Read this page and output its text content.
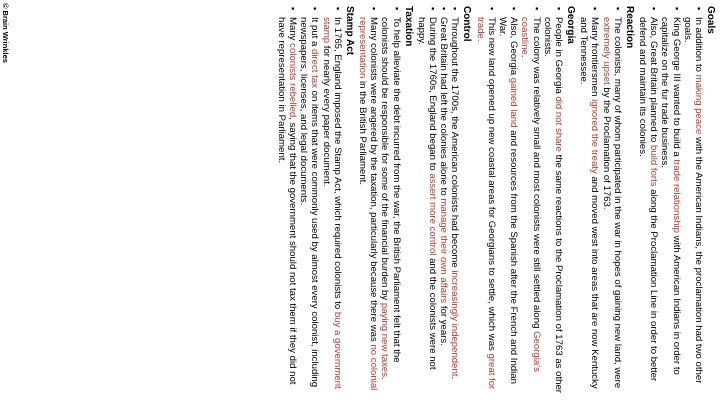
Goals
▪
In addition to making peace with the American Indians, the proclamation had two other goals.
▪
King George III wanted to build a trade relationship with American Indians in order to capitalize on the fur trade business.
▪
Also, Great Britain planned to build forts along the Proclamation Line in order to better defend and maintain its colonies.
Reaction
▪
The colonists, many of whom participated in the war in hopes of gaining new land, were extremely upset by the Proclamation of 1763.
▪
Many frontiersmen ignored the treaty and moved west into areas that are now Kentucky and Tennessee.
Georgia
▪
People in Georgia did not share the same reactions to the Proclamation of 1763 as other colonists.
▪
The colony was relatively small and most colonists were still settled along Georgia’s coastline.
▪
Also, Georgia gained land and resources from the Spanish after the French and Indian War.
▪
This new land opened up new coastal areas for Georgians to settle, which was great for trade.
Control
▪
Throughout the 1700s, the American colonists had become increasingly independent.
▪
Great Britain had left the colonies alone to manage their own affairs for years.
▪
During the 1760s, England began to assert more control and the colonists were not happy.
Taxation
▪
To help alleviate the debt incurred from the war, the British Parliament felt that the colonists should be responsible for some of the financial burden by paying new taxes.
▪
Many colonists were angered by the taxation, particularly because there was no colonial representation in the British Parliament.
Stamp Act
▪
In 1765, England imposed the Stamp Act, which required colonists to buy a government stamp for nearly every paper document.
▪
It put a direct tax on items that were commonly used by almost every colonist, including newspapers, licenses, and legal documents.
▪
Many colonists rebelled, saying that the government should not tax them if they did not have representation in Parliament.
©Brain Wrinkles
